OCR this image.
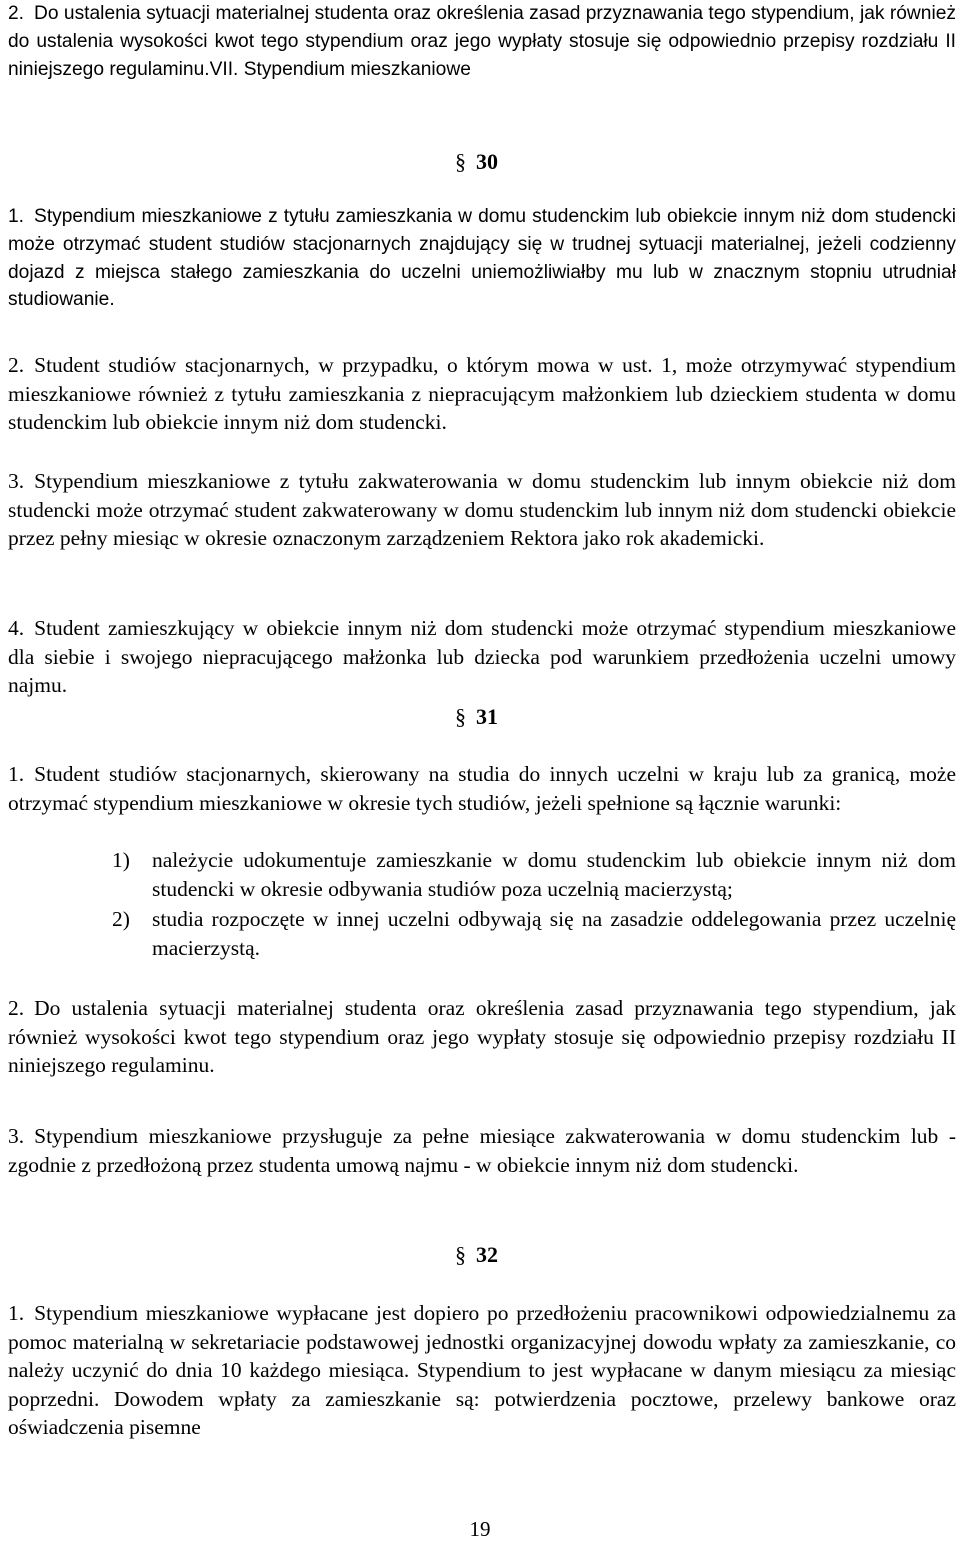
2. Do ustalenia sytuacji materialnej studenta oraz określenia zasad przyznawania tego stypendium, jak również do ustalenia wysokości kwot tego stypendium oraz jego wypłaty stosuje się odpowiednio przepisy rozdziału II niniejszego regulaminu.VII. Stypendium mieszkaniowe

§ 30

1. Stypendium mieszkaniowe z tytułu zamieszkania w domu studenckim lub obiekcie innym niż dom studencki może otrzymać student studiów stacjonarnych znajdujący się w trudnej sytuacji materialnej, jeżeli codzienny dojazd z miejsca stałego zamieszkania do uczelni uniemożliwiałby mu lub w znacznym stopniu utrudniał studiowanie.

2. Student studiów stacjonarnych, w przypadku, o którym mowa w ust. 1, może otrzymywać stypendium mieszkaniowe również z tytułu zamieszkania z niepracującym małżonkiem lub dzieckiem studenta w domu studenckim lub obiekcie innym niż dom studencki.

3. Stypendium mieszkaniowe z tytułu zakwaterowania w domu studenckim lub innym obiekcie niż dom studencki może otrzymać student zakwaterowany w domu studenckim lub innym niż dom studencki obiekcie przez pełny miesiąc w okresie oznaczonym zarządzeniem Rektora jako rok akademicki.

4. Student zamieszkujący w obiekcie innym niż dom studencki może otrzymać stypendium mieszkaniowe dla siebie i swojego niepracującego małżonka lub dziecka pod warunkiem przedłożenia uczelni umowy najmu.

§ 31

1. Student studiów stacjonarnych, skierowany na studia do innych uczelni w kraju lub za granicą, może otrzymać stypendium mieszkaniowe w okresie tych studiów, jeżeli spełnione są łącznie warunki:

1) należycie udokumentuje zamieszkanie w domu studenckim lub obiekcie innym niż dom studencki w okresie odbywania studiów poza uczelnią macierzystą;
2) studia rozpoczęte w innej uczelni odbywają się na zasadzie oddelegowania przez uczelnię macierzystą.

2. Do ustalenia sytuacji materialnej studenta oraz określenia zasad przyznawania tego stypendium, jak również wysokości kwot tego stypendium oraz jego wypłaty stosuje się odpowiednio przepisy rozdziału II niniejszego regulaminu.

3. Stypendium mieszkaniowe przysługuje za pełne miesiące zakwaterowania w domu studenckim lub - zgodnie z przedłożoną przez studenta umową najmu - w obiekcie innym niż dom studencki.

§ 32

1. Stypendium mieszkaniowe wypłacane jest dopiero po przedłożeniu pracownikowi odpowiedzialnemu za pomoc materialną w sekretariacie podstawowej jednostki organizacyjnej dowodu wpłaty za zamieszkanie, co należy uczynić do dnia 10 każdego miesiąca. Stypendium to jest wypłacane w danym miesiącu za miesiąc poprzedni. Dowodem wpłaty za zamieszkanie są: potwierdzenia pocztowe, przelewy bankowe oraz oświadczenia pisemne

19
